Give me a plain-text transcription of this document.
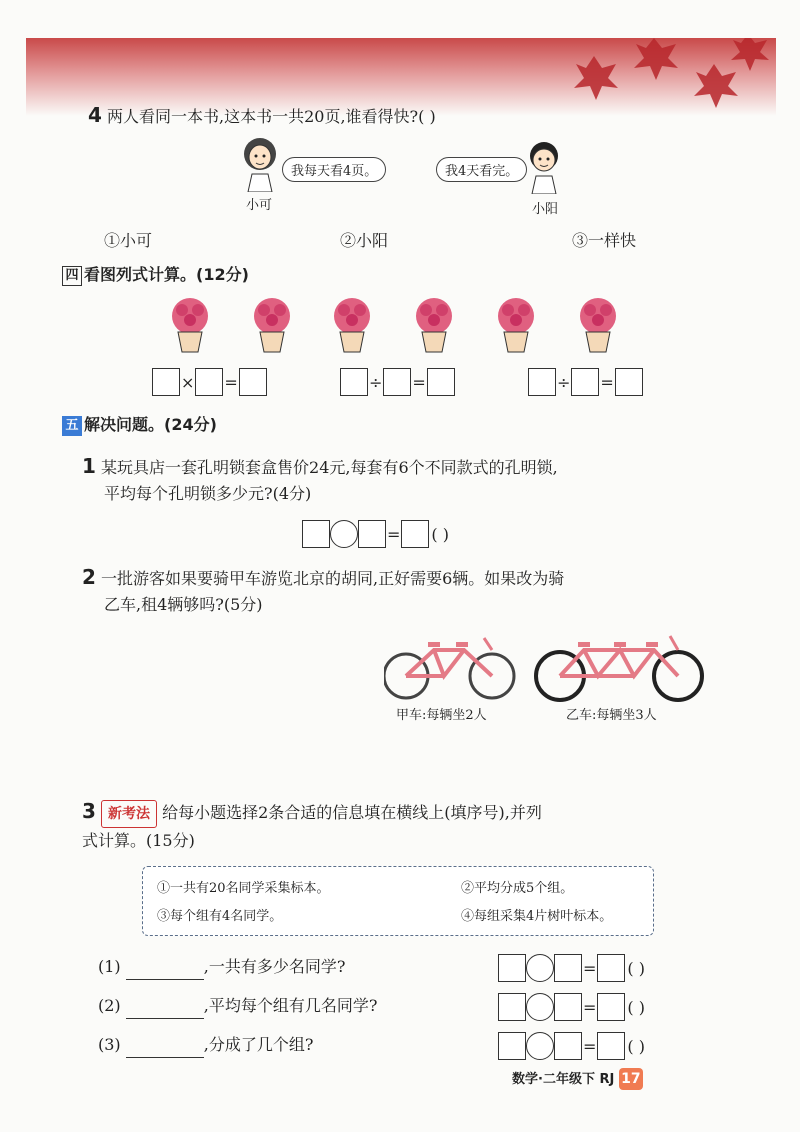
4 两人看同一本书,这本书一共20页,谁看得快?( )
我每天看4页。
小可
我4天看完。
小阳
①小可	②小阳	③一样快
四 看图列式计算。(12分)
× =	÷ =	÷ =
五 解决问题。(24分)
1 某玩具店一套孔明锁套盒售价24元,每套有6个不同款式的孔明锁,
平均每个孔明锁多少元?(4分)
= ( )
2 一批游客如果要骑甲车游览北京的胡同,正好需要6辆。如果改为骑
乙车,租4辆够吗?(5分)
甲车:每辆坐2人	乙车:每辆坐3人
3 新考法 给每小题选择2条合适的信息填在横线上(填序号),并列
式计算。(15分)
①一共有20名同学采集标本。	②平均分成5个组。
③每个组有4名同学。	④每组采集4片树叶标本。
(1)	,一共有多少名同学?	= ( )
(2)	,平均每个组有几名同学?	= ( )
(3)	,分成了几个组?	= ( )
数学·二年级下 RJ 17
